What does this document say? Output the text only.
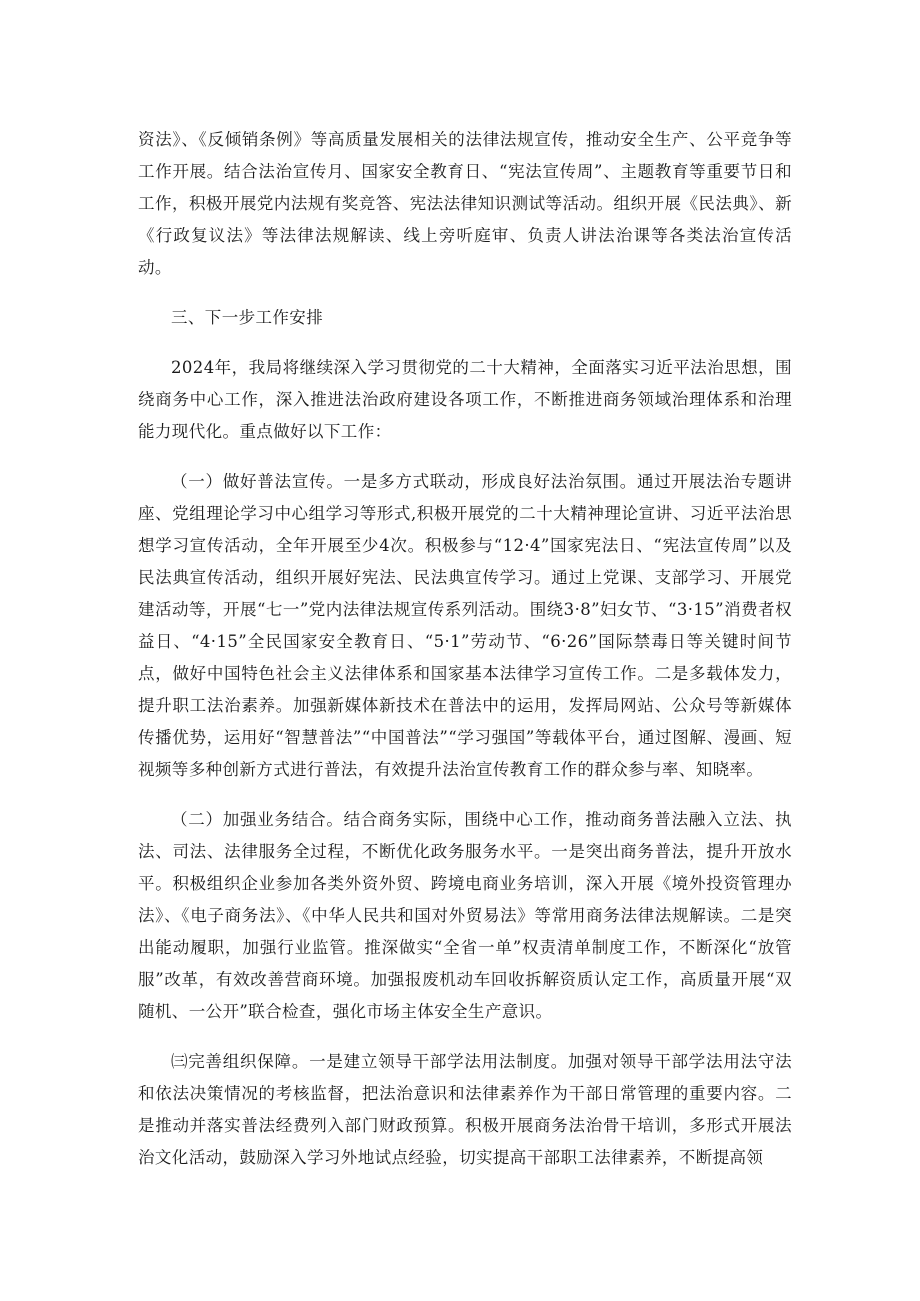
资法》、《反倾销条例》等高质量发展相关的法律法规宣传，推动安全生产、公平竞争等工作开展。结合法治宣传月、国家安全教育日、“宪法宣传周”、主题教育等重要节日和工作，积极开展党内法规有奖竞答、宪法法律知识测试等活动。组织开展《民法典》、新《行政复议法》等法律法规解读、线上旁听庭审、负责人讲法治课等各类法治宣传活动。

三、下一步工作安排

2024年，我局将继续深入学习贯彻党的二十大精神，全面落实习近平法治思想，围绕商务中心工作，深入推进法治政府建设各项工作，不断推进商务领域治理体系和治理能力现代化。重点做好以下工作：

（一）做好普法宣传。一是多方式联动，形成良好法治氛围。通过开展法治专题讲座、党组理论学习中心组学习等形式,积极开展党的二十大精神理论宣讲、习近平法治思想学习宣传活动，全年开展至少4次。积极参与“12·4”国家宪法日、“宪法宣传周”以及民法典宣传活动，组织开展好宪法、民法典宣传学习。通过上党课、支部学习、开展党建活动等，开展“七一”党内法律法规宣传系列活动。围绕3·8”妇女节、“3·15”消费者权益日、“4·15”全民国家安全教育日、“5·1”劳动节、“6·26”国际禁毒日等关键时间节点，做好中国特色社会主义法律体系和国家基本法律学习宣传工作。二是多载体发力，提升职工法治素养。加强新媒体新技术在普法中的运用，发挥局网站、公众号等新媒体传播优势，运用好“智慧普法”“中国普法”“学习强国”等载体平台，通过图解、漫画、短视频等多种创新方式进行普法，有效提升法治宣传教育工作的群众参与率、知晓率。

（二）加强业务结合。结合商务实际，围绕中心工作，推动商务普法融入立法、执法、司法、法律服务全过程，不断优化政务服务水平。一是突出商务普法，提升开放水平。积极组织企业参加各类外资外贸、跨境电商业务培训，深入开展《境外投资管理办法》、《电子商务法》、《中华人民共和国对外贸易法》等常用商务法律法规解读。二是突出能动履职，加强行业监管。推深做实“全省一单”权责清单制度工作，不断深化“放管服”改革，有效改善营商环境。加强报废机动车回收拆解资质认定工作，高质量开展“双随机、一公开”联合检查，强化市场主体安全生产意识。

㈢完善组织保障。一是建立领导干部学法用法制度。加强对领导干部学法用法守法和依法决策情况的考核监督，把法治意识和法律素养作为干部日常管理的重要内容。二是推动并落实普法经费列入部门财政预算。积极开展商务法治骨干培训，多形式开展法治文化活动，鼓励深入学习外地试点经验，切实提高干部职工法律素养，不断提高领
